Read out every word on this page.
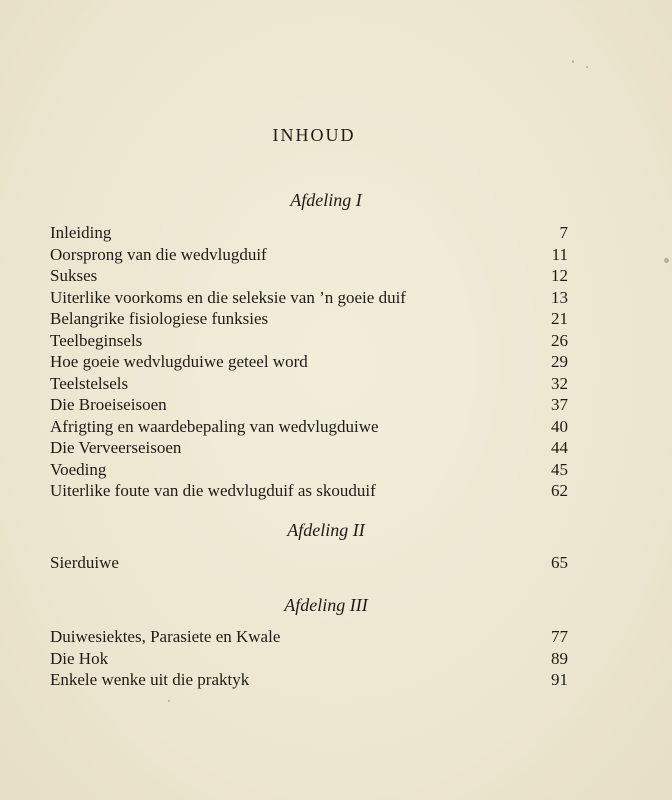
INHOUD
Afdeling I
Inleiding	7
Oorsprong van die wedvlugduif	11
Sukses	12
Uiterlike voorkoms en die seleksie van ’n goeie duif	13
Belangrike fisiologiese funksies	21
Teelbeginsels	26
Hoe goeie wedvlugduiwe geteel word	29
Teelstelsels	32
Die Broeiseisoen	37
Afrigting en waardebepaling van wedvlugduiwe	40
Die Verveerseisoen	44
Voeding	45
Uiterlike foute van die wedvlugduif as skouduif	62
Afdeling II
Sierduiwe	65
Afdeling III
Duiwesiektes, Parasiete en Kwale	77
Die Hok	89
Enkele wenke uit die praktyk	91
